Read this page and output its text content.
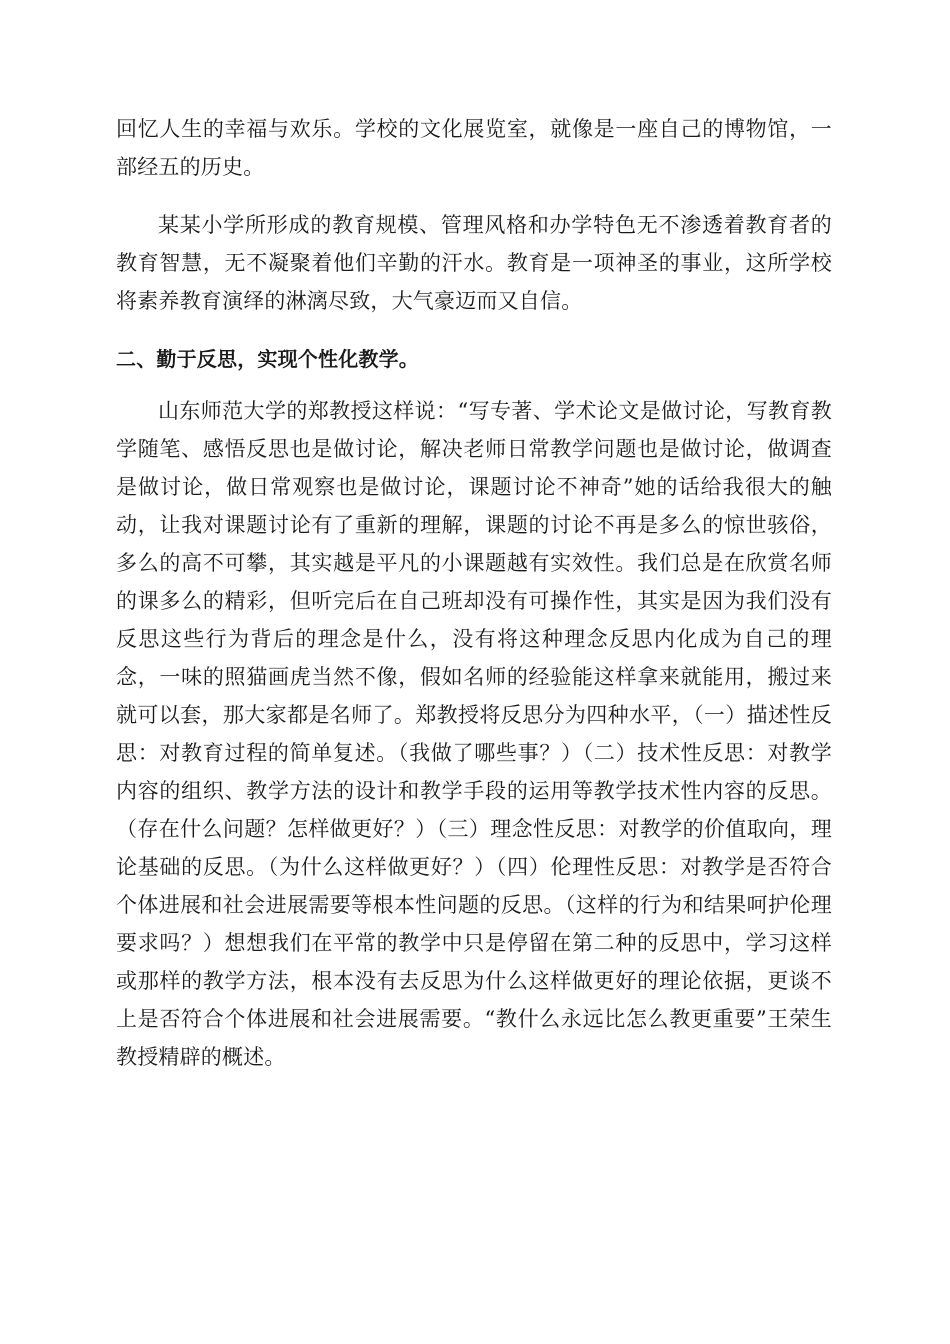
回忆人生的幸福与欢乐。学校的文化展览室，就像是一座自己的博物馆，一部经五的历史。

某某小学所形成的教育规模、管理风格和办学特色无不渗透着教育者的教育智慧，无不凝聚着他们辛勤的汗水。教育是一项神圣的事业，这所学校将素养教育演绎的淋漓尽致，大气豪迈而又自信。

二、勤于反思，实现个性化教学。

山东师范大学的郑教授这样说：“写专著、学术论文是做讨论，写教育教学随笔、感悟反思也是做讨论，解决老师日常教学问题也是做讨论，做调查是做讨论，做日常观察也是做讨论，课题讨论不神奇”她的话给我很大的触动，让我对课题讨论有了重新的理解，课题的讨论不再是多么的惊世骇俗，多么的高不可攀，其实越是平凡的小课题越有实效性。我们总是在欣赏名师的课多么的精彩，但听完后在自己班却没有可操作性，其实是因为我们没有反思这些行为背后的理念是什么，没有将这种理念反思内化成为自己的理念，一味的照猫画虎当然不像，假如名师的经验能这样拿来就能用，搬过来就可以套，那大家都是名师了。郑教授将反思分为四种水平，（一）描述性反思：对教育过程的简单复述。（我做了哪些事？）（二）技术性反思：对教学内容的组织、教学方法的设计和教学手段的运用等教学技术性内容的反思。（存在什么问题？怎样做更好？）（三）理念性反思：对教学的价值取向，理论基础的反思。（为什么这样做更好？）（四）伦理性反思：对教学是否符合个体进展和社会进展需要等根本性问题的反思。（这样的行为和结果呵护伦理要求吗？）想想我们在平常的教学中只是停留在第二种的反思中，学习这样或那样的教学方法，根本没有去反思为什么这样做更好的理论依据，更谈不上是否符合个体进展和社会进展需要。“教什么永远比怎么教更重要”王荣生教授精辟的概述。
